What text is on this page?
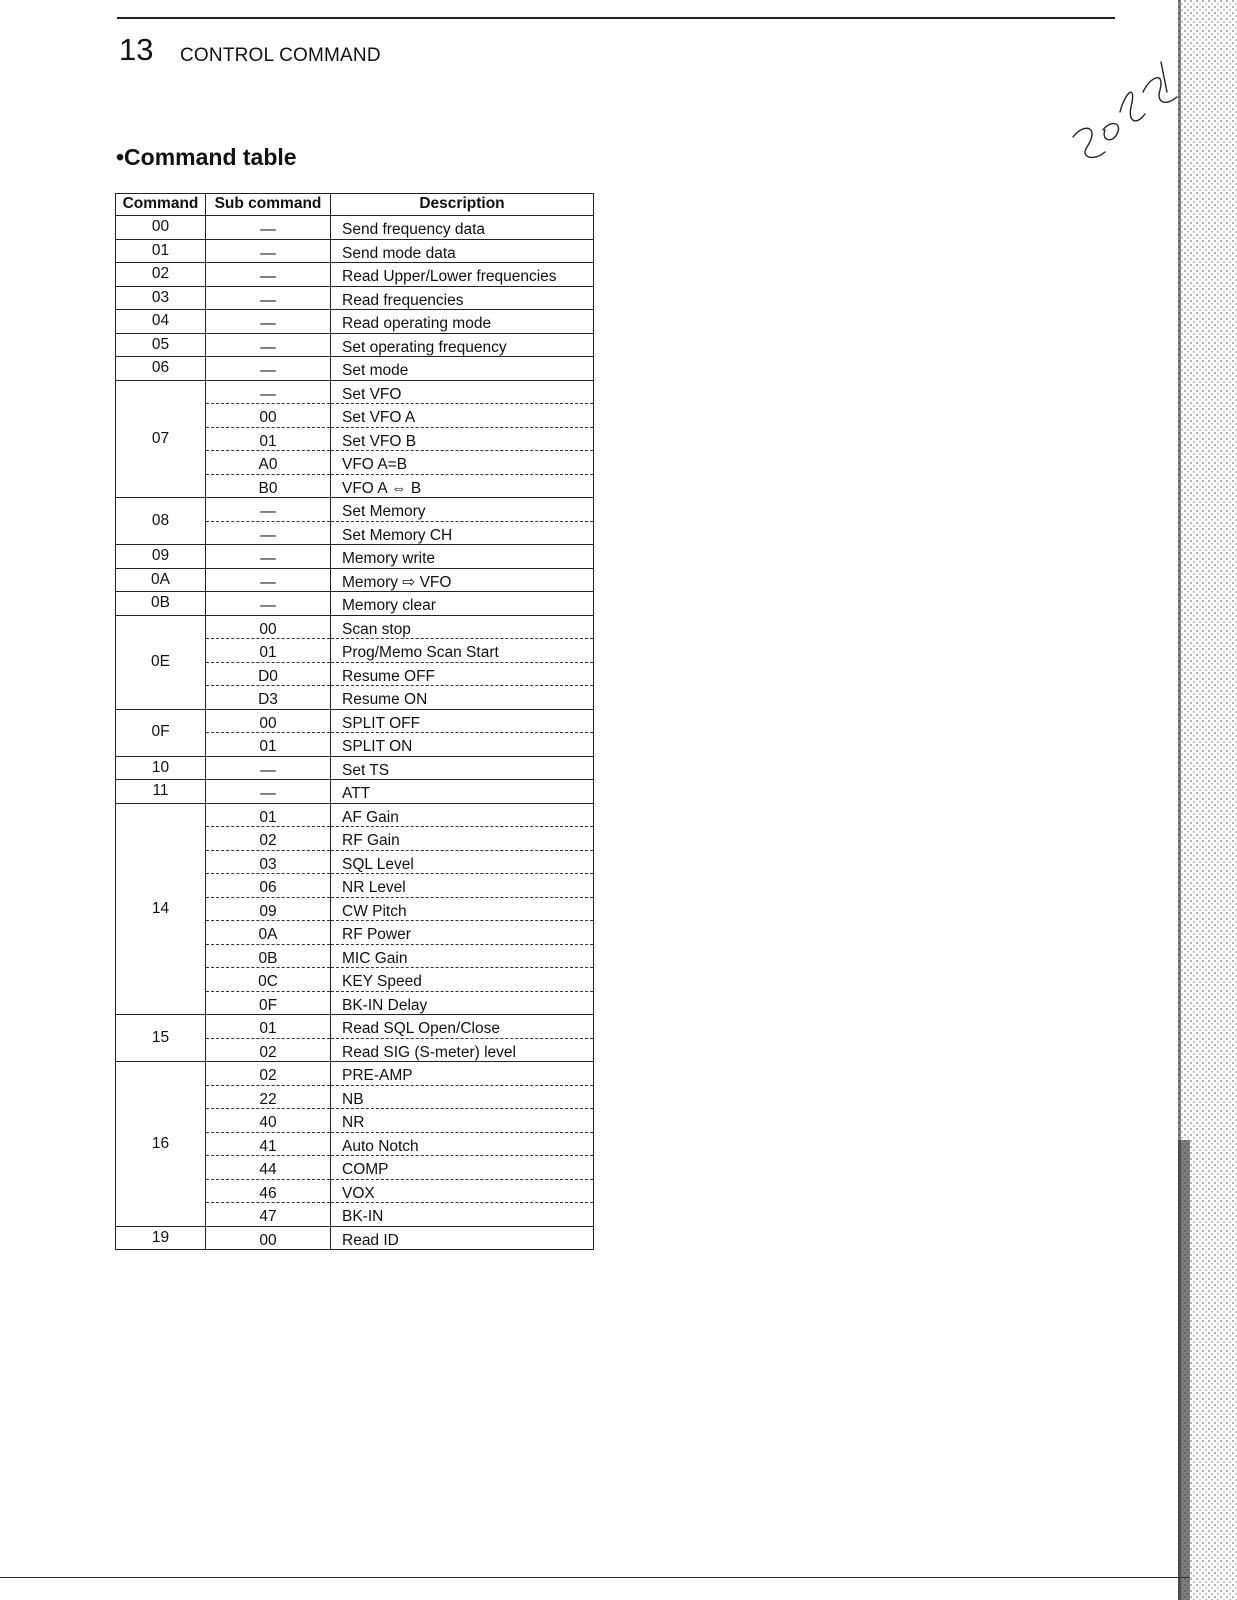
13 CONTROL COMMAND
•Command table
Command	Sub command	Description
00	—	Send frequency data
01	—	Send mode data
02	—	Read Upper/Lower frequencies
03	—	Read frequencies
04	—	Read operating mode
05	—	Set operating frequency
06	—	Set mode
07	—	Set VFO
	00	Set VFO A
	01	Set VFO B
	A0	VFO A=B
	B0	VFO A ⇔ B
08	—	Set Memory
	—	Set Memory CH
09	—	Memory write
0A	—	Memory ⇨ VFO
0B	—	Memory clear
0E	00	Scan stop
	01	Prog/Memo Scan Start
	D0	Resume OFF
	D3	Resume ON
0F	00	SPLIT OFF
	01	SPLIT ON
10	—	Set TS
11	—	ATT
14	01	AF Gain
	02	RF Gain
	03	SQL Level
	06	NR Level
	09	CW Pitch
	0A	RF Power
	0B	MIC Gain
	0C	KEY Speed
	0F	BK-IN Delay
15	01	Read SQL Open/Close
	02	Read SIG (S-meter) level
16	02	PRE-AMP
	22	NB
	40	NR
	41	Auto Notch
	44	COMP
	46	VOX
	47	BK-IN
19	00	Read ID
